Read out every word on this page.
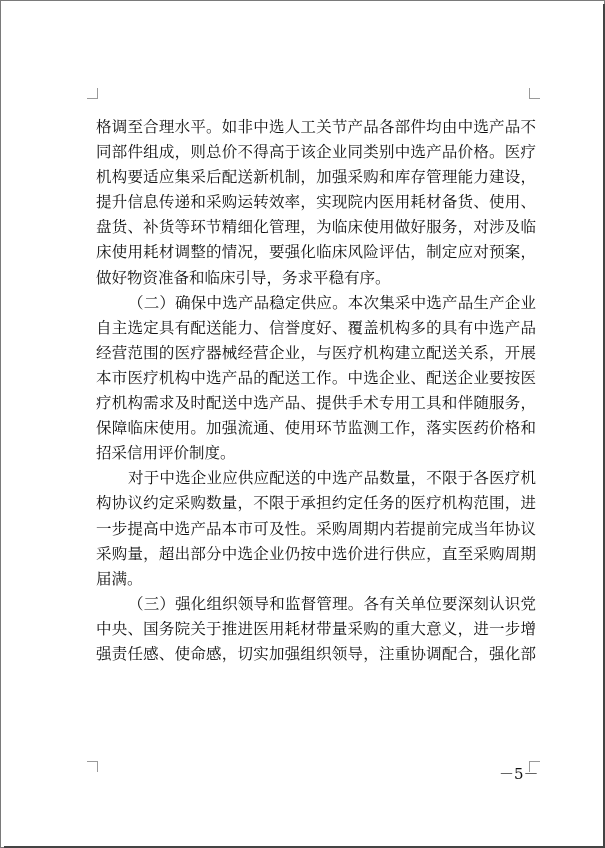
格调至合理水平。如非中选人工关节产品各部件均由中选产品不
同部件组成，则总价不得高于该企业同类别中选产品价格。医疗
机构要适应集采后配送新机制，加强采购和库存管理能力建设，
提升信息传递和采购运转效率，实现院内医用耗材备货、使用、
盘货、补货等环节精细化管理，为临床使用做好服务，对涉及临
床使用耗材调整的情况，要强化临床风险评估，制定应对预案，
做好物资准备和临床引导，务求平稳有序。
（二）确保中选产品稳定供应。本次集采中选产品生产企业
自主选定具有配送能力、信誉度好、覆盖机构多的具有中选产品
经营范围的医疗器械经营企业，与医疗机构建立配送关系，开展
本市医疗机构中选产品的配送工作。中选企业、配送企业要按医
疗机构需求及时配送中选产品、提供手术专用工具和伴随服务，
保障临床使用。加强流通、使用环节监测工作，落实医药价格和
招采信用评价制度。
对于中选企业应供应配送的中选产品数量，不限于各医疗机
构协议约定采购数量，不限于承担约定任务的医疗机构范围，进
一步提高中选产品本市可及性。采购周期内若提前完成当年协议
采购量，超出部分中选企业仍按中选价进行供应，直至采购周期
届满。
（三）强化组织领导和监督管理。各有关单位要深刻认识党
中央、国务院关于推进医用耗材带量采购的重大意义，进一步增
强责任感、使命感，切实加强组织领导，注重协调配合，强化部
－5－
